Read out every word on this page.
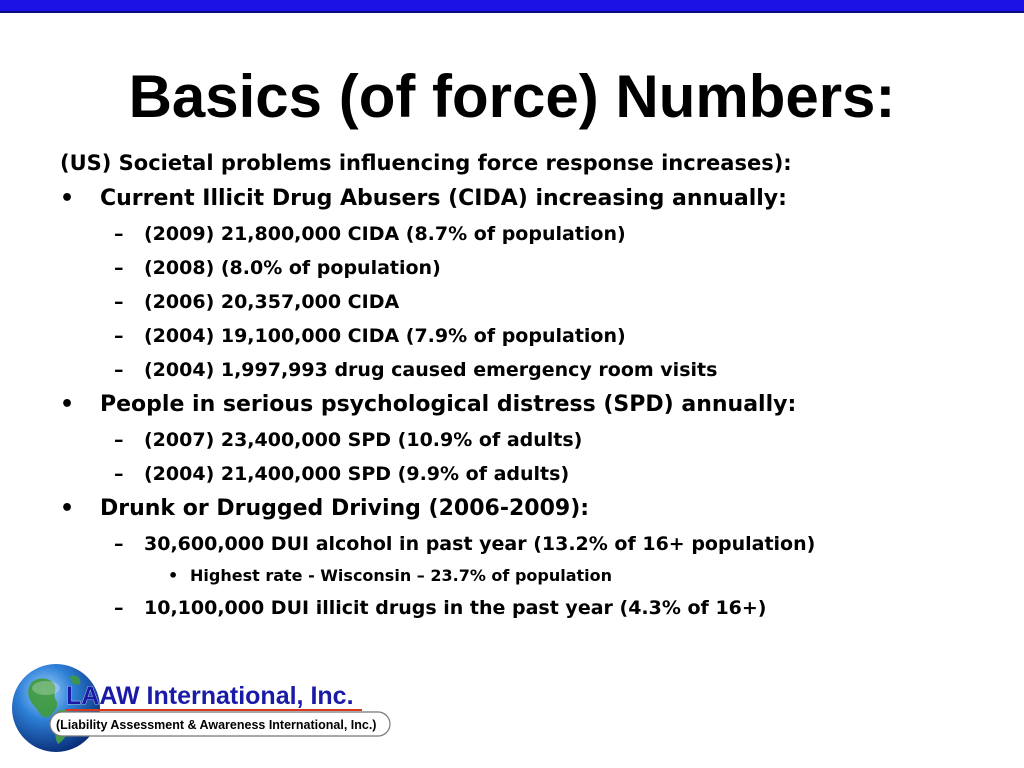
Basics (of force) Numbers:
(US) Societal problems influencing force response increases):
• Current Illicit Drug Abusers (CIDA) increasing annually:
– (2009) 21,800,000 CIDA (8.7% of population)
– (2008) (8.0% of population)
– (2006) 20,357,000 CIDA
– (2004) 19,100,000 CIDA (7.9% of population)
– (2004) 1,997,993 drug caused emergency room visits
• People in serious psychological distress (SPD) annually:
– (2007) 23,400,000 SPD (10.9% of adults)
– (2004) 21,400,000 SPD (9.9% of adults)
• Drunk or Drugged Driving (2006-2009):
– 30,600,000 DUI alcohol in past year (13.2% of 16+ population)
• Highest rate - Wisconsin – 23.7% of population
– 10,100,000 DUI illicit drugs in the past year (4.3% of 16+)
LAAW International, Inc.
(Liability Assessment & Awareness International, Inc.)
